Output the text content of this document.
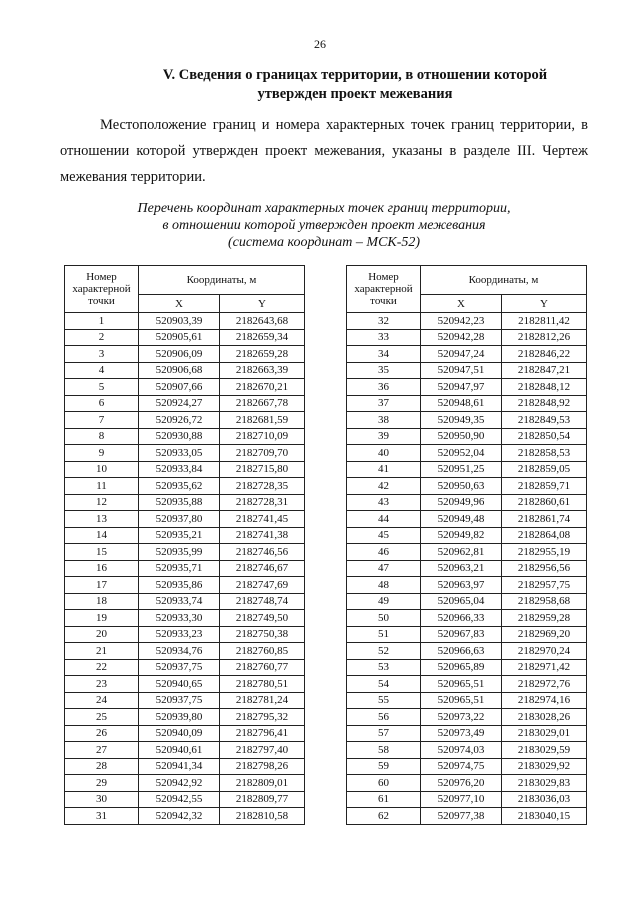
26
V. Сведения о границах территории, в отношении которой
утвержден проект межевания
Местоположение границ и номера характерных точек границ территории, в отношении которой утвержден проект межевания, указаны в разделе III. Чертеж межевания территории.
Перечень координат характерных точек границ территории,
в отношении которой утвержден проект межевания
(система координат – МСК-52)
Номер характерной точки	Координаты, м	
	X	Y
1	520903,39	2182643,68
2	520905,61	2182659,34
3	520906,09	2182659,28
4	520906,68	2182663,39
5	520907,66	2182670,21
6	520924,27	2182667,78
7	520926,72	2182681,59
8	520930,88	2182710,09
9	520933,05	2182709,70
10	520933,84	2182715,80
11	520935,62	2182728,35
12	520935,88	2182728,31
13	520937,80	2182741,45
14	520935,21	2182741,38
15	520935,99	2182746,56
16	520935,71	2182746,67
17	520935,86	2182747,69
18	520933,74	2182748,74
19	520933,30	2182749,50
20	520933,23	2182750,38
21	520934,76	2182760,85
22	520937,75	2182760,77
23	520940,65	2182780,51
24	520937,75	2182781,24
25	520939,80	2182795,32
26	520940,09	2182796,41
27	520940,61	2182797,40
28	520941,34	2182798,26
29	520942,92	2182809,01
30	520942,55	2182809,77
31	520942,32	2182810,58
Номер характерной точки	Координаты, м	
	X	Y
32	520942,23	2182811,42
33	520942,28	2182812,26
34	520947,24	2182846,22
35	520947,51	2182847,21
36	520947,97	2182848,12
37	520948,61	2182848,92
38	520949,35	2182849,53
39	520950,90	2182850,54
40	520952,04	2182858,53
41	520951,25	2182859,05
42	520950,63	2182859,71
43	520949,96	2182860,61
44	520949,48	2182861,74
45	520949,82	2182864,08
46	520962,81	2182955,19
47	520963,21	2182956,56
48	520963,97	2182957,75
49	520965,04	2182958,68
50	520966,33	2182959,28
51	520967,83	2182969,20
52	520966,63	2182970,24
53	520965,89	2182971,42
54	520965,51	2182972,76
55	520965,51	2182974,16
56	520973,22	2183028,26
57	520973,49	2183029,01
58	520974,03	2183029,59
59	520974,75	2183029,92
60	520976,20	2183029,83
61	520977,10	2183036,03
62	520977,38	2183040,15
